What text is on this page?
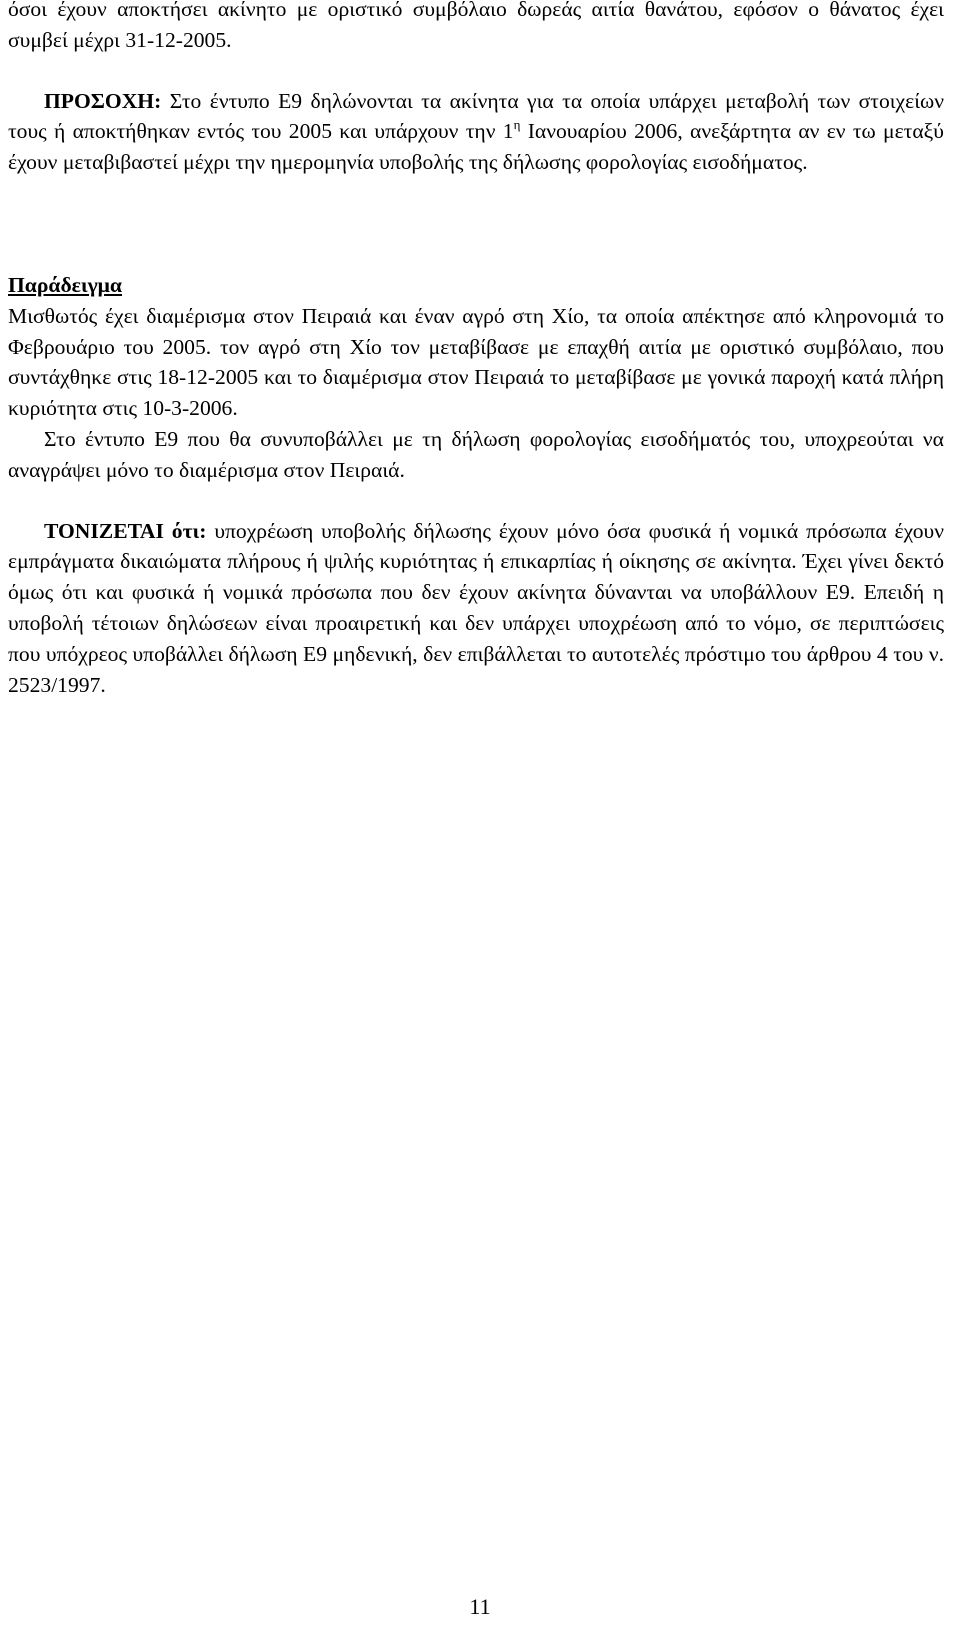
όσοι έχουν αποκτήσει ακίνητο με οριστικό συμβόλαιο δωρεάς αιτία θανάτου, εφόσον ο θάνατος έχει συμβεί μέχρι 31-12-2005.

ΠΡΟΣΟΧΗ: Στο έντυπο Ε9 δηλώνονται τα ακίνητα για τα οποία υπάρχει μεταβολή των στοιχείων τους ή αποκτήθηκαν εντός του 2005 και υπάρχουν την $1^\eta$ Ιανουαρίου 2006, ανεξάρτητα αν εν τω μεταξύ έχουν μεταβιβαστεί μέχρι την ημερομηνία υποβολής της δήλωσης φορολογίας εισοδήματος.

Παράδειγμα

Μισθωτός έχει διαμέρισμα στον Πειραιά και έναν αγρό στη Χίο, τα οποία απέκτησε από κληρονομιά το Φεβρουάριο του 2005. τον αγρό στη Χίο τον μεταβίβασε με επαχθή αιτία με οριστικό συμβόλαιο, που συντάχθηκε στις 18-12-2005 και το διαμέρισμα στον Πειραιά το μεταβίβασε με γονικά παροχή κατά πλήρη κυριότητα στις 10-3-2006.

Στο έντυπο Ε9 που θα συνυποβάλλει με τη δήλωση φορολογίας εισοδήματός του, υποχρεούται να αναγράψει μόνο το διαμέρισμα στον Πειραιά.

ΤΟΝΙΖΕΤΑΙ ότι: υποχρέωση υποβολής δήλωσης έχουν μόνο όσα φυσικά ή νομικά πρόσωπα έχουν εμπράγματα δικαιώματα πλήρους ή ψιλής κυριότητας ή επικαρπίας ή οίκησης σε ακίνητα. Έχει γίνει δεκτό όμως ότι και φυσικά ή νομικά πρόσωπα που δεν έχουν ακίνητα δύνανται να υποβάλλουν Ε9. Επειδή η υποβολή τέτοιων δηλώσεων είναι προαιρετική και δεν υπάρχει υποχρέωση από το νόμο, σε περιπτώσεις που υπόχρεος υποβάλλει δήλωση Ε9 μηδενική, δεν επιβάλλεται το αυτοτελές πρόστιμο του άρθρου 4 του ν. 2523/1997.

11
